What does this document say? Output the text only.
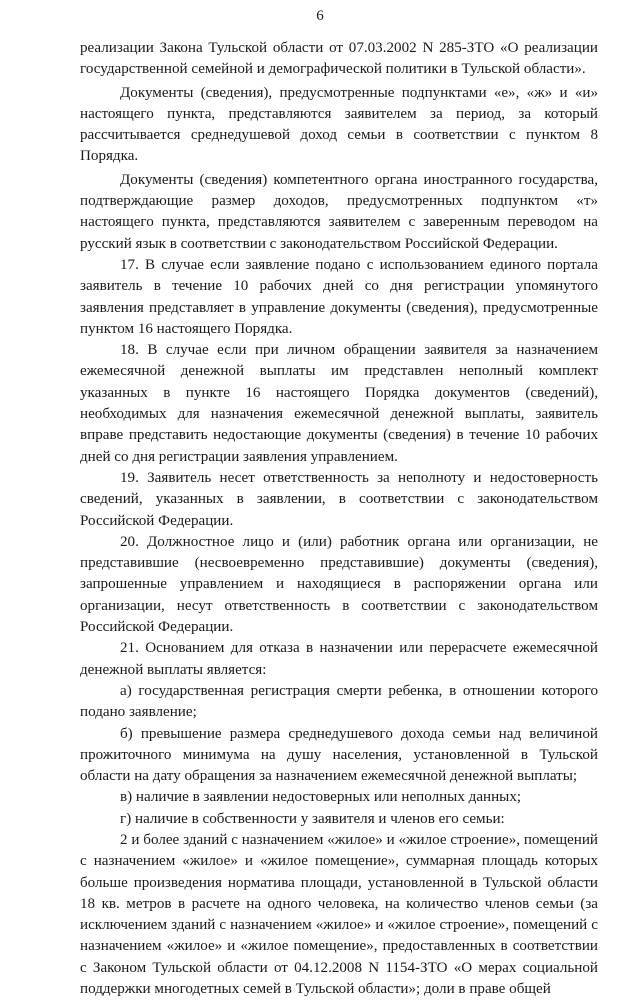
6

реализации Закона Тульской области от 07.03.2002 N 285-ЗТО «О реализации государственной семейной и демографической политики в Тульской области».

Документы (сведения), предусмотренные подпунктами «е», «ж» и «и» настоящего пункта, представляются заявителем за период, за который рассчитывается среднедушевой доход семьи в соответствии с пунктом 8 Порядка.

Документы (сведения) компетентного органа иностранного государства, подтверждающие размер доходов, предусмотренных подпунктом «т» настоящего пункта, представляются заявителем с заверенным переводом на русский язык в соответствии с законодательством Российской Федерации.

17. В случае если заявление подано с использованием единого портала заявитель в течение 10 рабочих дней со дня регистрации упомянутого заявления представляет в управление документы (сведения), предусмотренные пунктом 16 настоящего Порядка.

18. В случае если при личном обращении заявителя за назначением ежемесячной денежной выплаты им представлен неполный комплект указанных в пункте 16 настоящего Порядка документов (сведений), необходимых для назначения ежемесячной денежной выплаты, заявитель вправе представить недостающие документы (сведения) в течение 10 рабочих дней со дня регистрации заявления управлением.

19. Заявитель несет ответственность за неполноту и недостоверность сведений, указанных в заявлении, в соответствии с законодательством Российской Федерации.

20. Должностное лицо и (или) работник органа или организации, не представившие (несвоевременно представившие) документы (сведения), запрошенные управлением и находящиеся в распоряжении органа или организации, несут ответственность в соответствии с законодательством Российской Федерации.

21. Основанием для отказа в назначении или перерасчете ежемесячной денежной выплаты является:

а) государственная регистрация смерти ребенка, в отношении которого подано заявление;

б) превышение размера среднедушевого дохода семьи над величиной прожиточного минимума на душу населения, установленной в Тульской области на дату обращения за назначением ежемесячной денежной выплаты;

в) наличие в заявлении недостоверных или неполных данных;

г) наличие в собственности у заявителя и членов его семьи:

2 и более зданий с назначением «жилое» и «жилое строение», помещений с назначением «жилое» и «жилое помещение», суммарная площадь которых больше произведения норматива площади, установленной в Тульской области 18 кв. метров в расчете на одного человека, на количество членов семьи (за исключением зданий с назначением «жилое» и «жилое строение», помещений с назначением «жилое» и «жилое помещение», предоставленных в соответствии с Законом Тульской области от 04.12.2008 N 1154-ЗТО «О мерах социальной поддержки многодетных семей в Тульской области»; доли в праве общей
